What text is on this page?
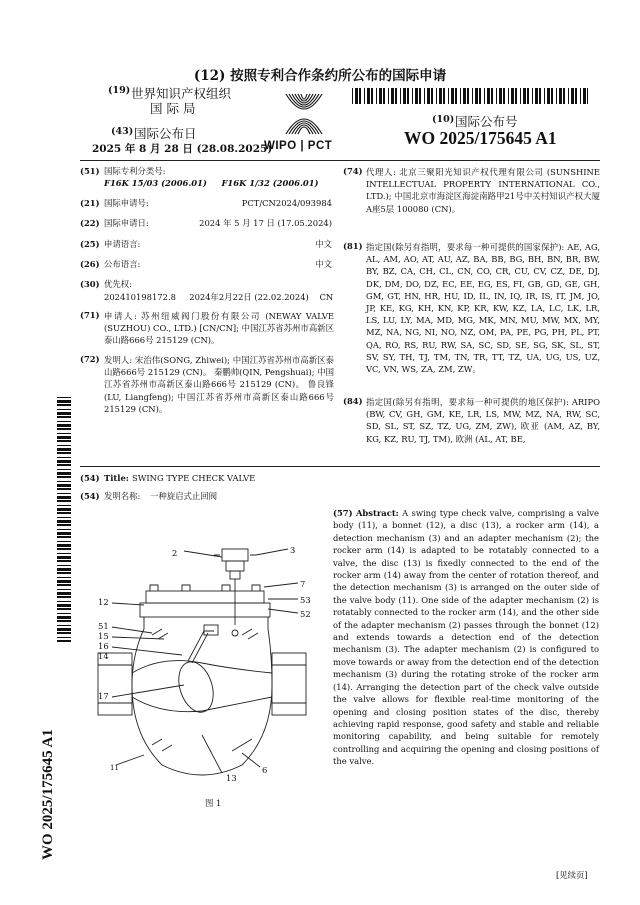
(12) 按照专利合作条约所公布的国际申请
(19) 世界知识产权组织
国 际 局
(43) 国际公布日
2025 年 8 月 28 日 (28.08.2025)
WIPO | PCT
(10) 国际公布号
WO 2025/175645 A1
WO 2025/175645 A1
(51) 国际专利分类号:
F16K 15/03 (2006.01)     F16K 1/32 (2006.01)
(21) 国际申请号:	PCT/CN2024/093984
(22) 国际申请日:	2024 年 5 月 17 日 (17.05.2024)
(25) 申请语言:	中文
(26) 公布语言:	中文
(30) 优先权:
202410198172.8     2024年2月22日 (22.02.2024)    CN
(71) 申请人: 苏州纽威阀门股份有限公司 (NEWAY VALVE (SUZHOU) CO., LTD.) [CN/CN]; 中国江苏省苏州市高新区泰山路666号 215129 (CN)。
(72) 发明人: 宋治伟(SONG, Zhiwei); 中国江苏省苏州市高新区泰山路666号 215129 (CN)。 秦鹏帅(QIN, Pengshuai); 中国江苏省苏州市高新区泰山路666号 215129 (CN)。 鲁良锋(LU, Liangfeng); 中国江苏省苏州市高新区泰山路666号 215129 (CN)。
(74) 代理人: 北京三聚阳光知识产权代理有限公司 (SUNSHINE INTELLECTUAL PROPERTY INTERNATIONAL CO., LTD.); 中国北京市海淀区海淀南路甲21号中关村知识产权大厦A座5层 100080 (CN)。
(81) 指定国(除另有指明，要求每一种可提供的国家保护): AE, AG, AL, AM, AO, AT, AU, AZ, BA, BB, BG, BH, BN, BR, BW, BY, BZ, CA, CH, CL, CN, CO, CR, CU, CV, CZ, DE, DJ, DK, DM, DO, DZ, EC, EE, EG, ES, FI, GB, GD, GE, GH, GM, GT, HN, HR, HU, ID, IL, IN, IQ, IR, IS, IT, JM, JO, JP, KE, KG, KH, KN, KP, KR, KW, KZ, LA, LC, LK, LR, LS, LU, LY, MA, MD, MG, MK, MN, MU, MW, MX, MY, MZ, NA, NG, NI, NO, NZ, OM, PA, PE, PG, PH, PL, PT, QA, RO, RS, RU, RW, SA, SC, SD, SE, SG, SK, SL, ST, SV, SY, TH, TJ, TM, TN, TR, TT, TZ, UA, UG, US, UZ, VC, VN, WS, ZA, ZM, ZW。
(84) 指定国(除另有指明，要求每一种可提供的地区保护): ARIPO (BW, CV, GH, GM, KE, LR, LS, MW, MZ, NA, RW, SC, SD, SL, ST, SZ, TZ, UG, ZM, ZW), 欧亚 (AM, AZ, BY, KG, KZ, RU, TJ, TM), 欧洲 (AL, AT, BE,
(54) Title: SWING TYPE CHECK VALVE
(54) 发明名称: 一种旋启式止回阀
(57) Abstract: A swing type check valve, comprising a valve body (11), a bonnet (12), a disc (13), a rocker arm (14), a detection mechanism (3) and an adapter mechanism (2); the rocker arm (14) is adapted to be rotatably connected to a valve, the disc (13) is fixedly connected to the end of the rocker arm (14) away from the center of rotation thereof, and the detection mechanism (3) is arranged on the outer side of the valve body (11). One side of the adapter mechanism (2) is rotatably connected to the rocker arm (14), and the other side of the adapter mechanism (2) passes through the bonnet (12) and extends towards a detection end of the detection mechanism (3). The adapter mechanism (2) is configured to move towards or away from the detection end of the detection mechanism (3) during the rotating stroke of the rocker arm (14). Arranging the detection part of the check valve outside the valve allows for flexible real-time monitoring of the opening and closing position states of the disc, thereby achieving rapid response, good safety and stable and reliable monitoring capability, and being suitable for remotely controlling and acquiring the opening and closing positions of the valve.
2	3
7
12	53
52
51
15
16
14
17
11
13
6
图 1
[见续页]
